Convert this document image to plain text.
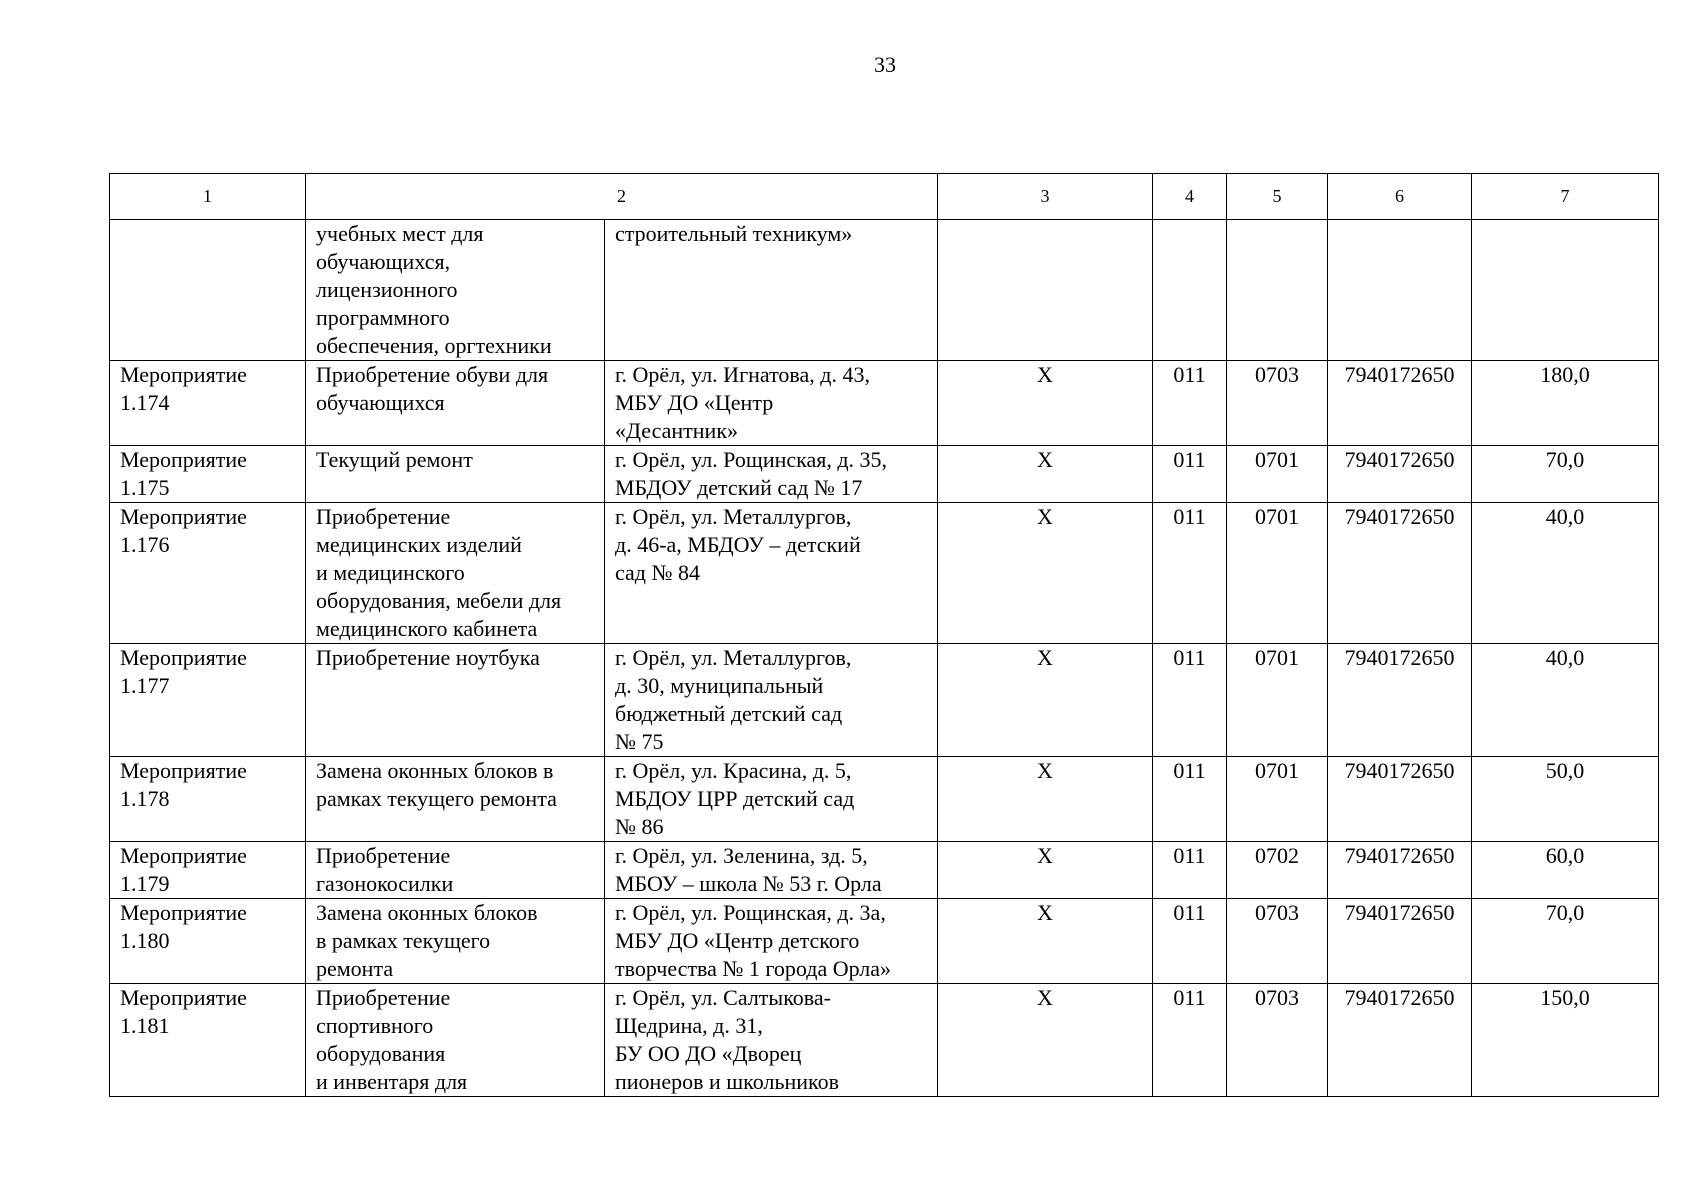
33
1	2		3	4	5	6	7
	учебных мест для
обучающихся,
лицензионного
программного
обеспечения, оргтехники	строительный техникум»					
Мероприятие
1.174	Приобретение обуви для
обучающихся	г. Орёл, ул. Игнатова, д. 43,
МБУ ДО «Центр
«Десантник»	Х	011	0703	7940172650	180,0
Мероприятие
1.175	Текущий ремонт	г. Орёл, ул. Рощинская, д. 35,
МБДОУ детский сад № 17	Х	011	0701	7940172650	70,0
Мероприятие
1.176	Приобретение
медицинских изделий
и медицинского
оборудования, мебели для
медицинского кабинета	г. Орёл, ул. Металлургов,
д. 46-а, МБДОУ – детский
сад № 84	Х	011	0701	7940172650	40,0
Мероприятие
1.177	Приобретение ноутбука	г. Орёл, ул. Металлургов,
д. 30, муниципальный
бюджетный детский сад
№ 75	Х	011	0701	7940172650	40,0
Мероприятие
1.178	Замена оконных блоков в
рамках текущего ремонта	г. Орёл, ул. Красина, д. 5,
МБДОУ ЦРР детский сад
№ 86	Х	011	0701	7940172650	50,0
Мероприятие
1.179	Приобретение
газонокосилки	г. Орёл, ул. Зеленина, зд. 5,
МБОУ – школа № 53 г. Орла	Х	011	0702	7940172650	60,0
Мероприятие
1.180	Замена оконных блоков
в рамках текущего
ремонта	г. Орёл, ул. Рощинская, д. 3а,
МБУ ДО «Центр детского
творчества № 1 города Орла»	Х	011	0703	7940172650	70,0
Мероприятие
1.181	Приобретение
спортивного
оборудования
и инвентаря для	г. Орёл, ул. Салтыкова-
Щедрина, д. 31,
БУ ОО ДО «Дворец
пионеров и школьников	Х	011	0703	7940172650	150,0
